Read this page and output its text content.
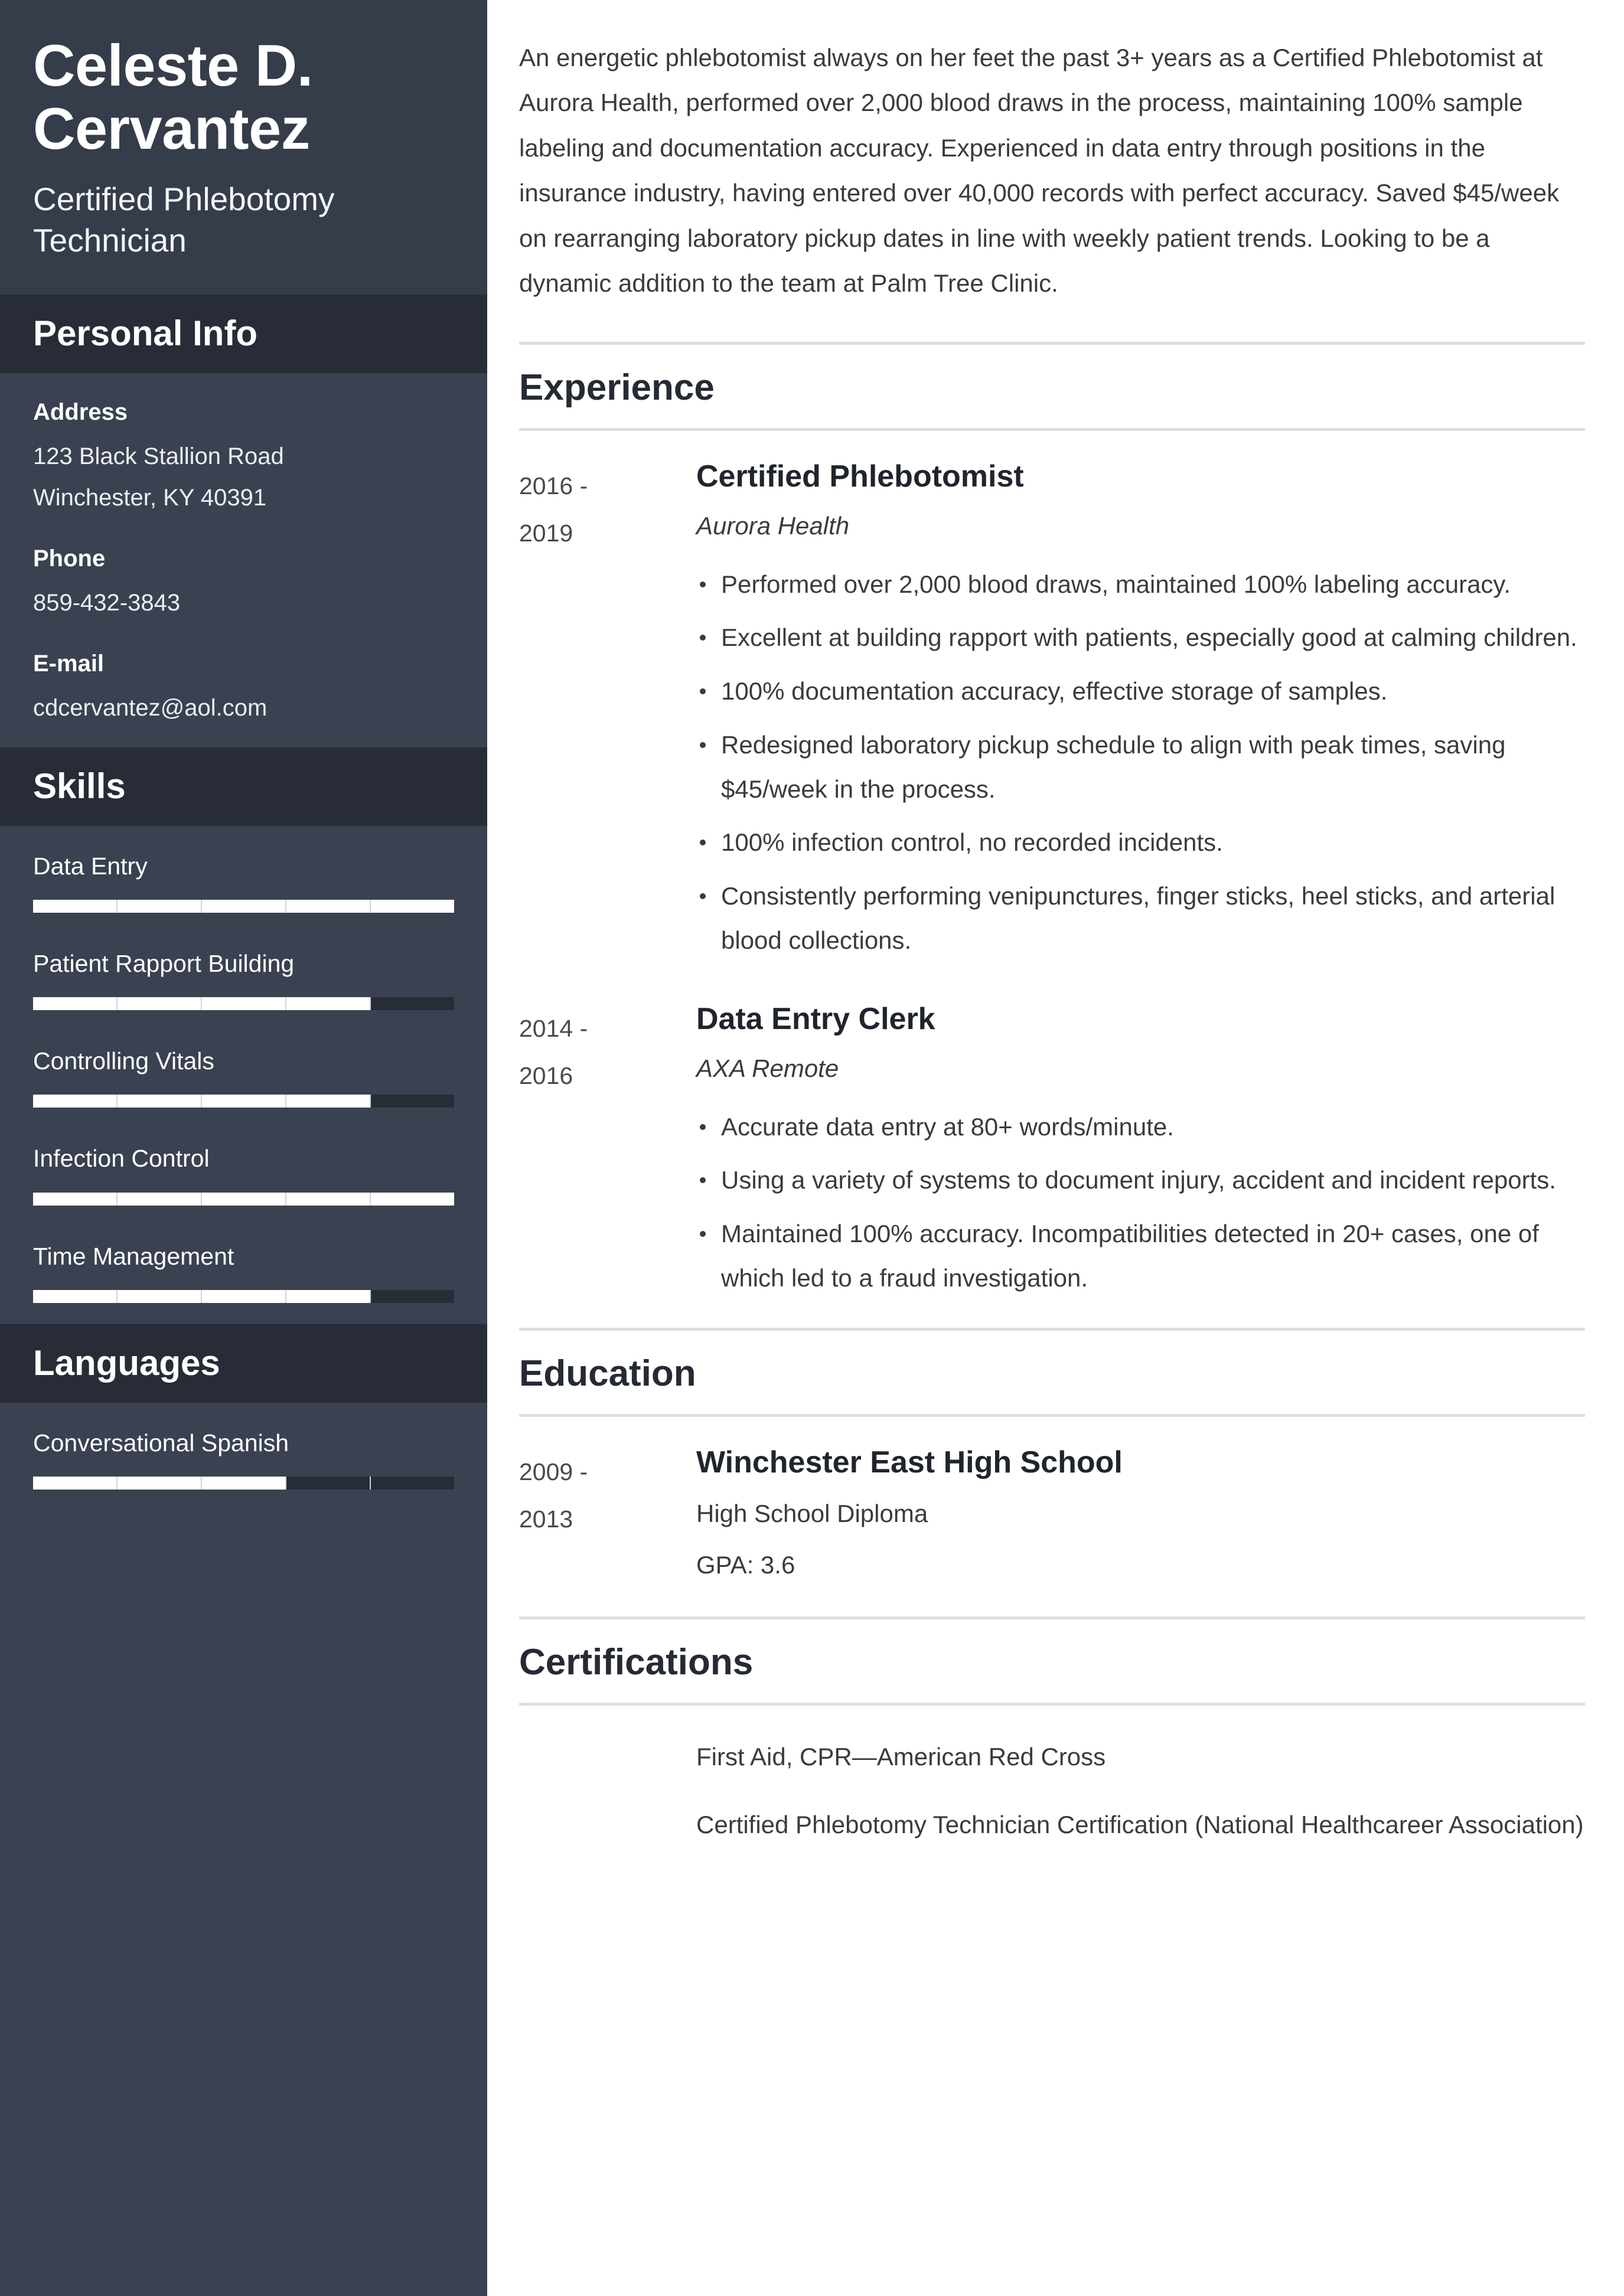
Celeste D. Cervantez
Certified Phlebotomy Technician
Personal Info
Address
123 Black Stallion Road
Winchester, KY 40391
Phone
859-432-3843
E-mail
cdcervantez@aol.com
Skills
Data Entry
Patient Rapport Building
Controlling Vitals
Infection Control
Time Management
Languages
Conversational Spanish

An energetic phlebotomist always on her feet the past 3+ years as a Certified Phlebotomist at Aurora Health, performed over 2,000 blood draws in the process, maintaining 100% sample labeling and documentation accuracy. Experienced in data entry through positions in the insurance industry, having entered over 40,000 records with perfect accuracy. Saved $45/week on rearranging laboratory pickup dates in line with weekly patient trends. Looking to be a dynamic addition to the team at Palm Tree Clinic.

Experience
2016 -
2019
Certified Phlebotomist
Aurora Health
Performed over 2,000 blood draws, maintained 100% labeling accuracy.
Excellent at building rapport with patients, especially good at calming children.
100% documentation accuracy, effective storage of samples.
Redesigned laboratory pickup schedule to align with peak times, saving $45/week in the process.
100% infection control, no recorded incidents.
Consistently performing venipunctures, finger sticks, heel sticks, and arterial blood collections.
2014 -
2016
Data Entry Clerk
AXA Remote
Accurate data entry at 80+ words/minute.
Using a variety of systems to document injury, accident and incident reports.
Maintained 100% accuracy. Incompatibilities detected in 20+ cases, one of which led to a fraud investigation.
Education
2009 -
2013
Winchester East High School
High School Diploma
GPA: 3.6
Certifications
First Aid, CPR—American Red Cross
Certified Phlebotomy Technician Certification (National Healthcareer Association)
